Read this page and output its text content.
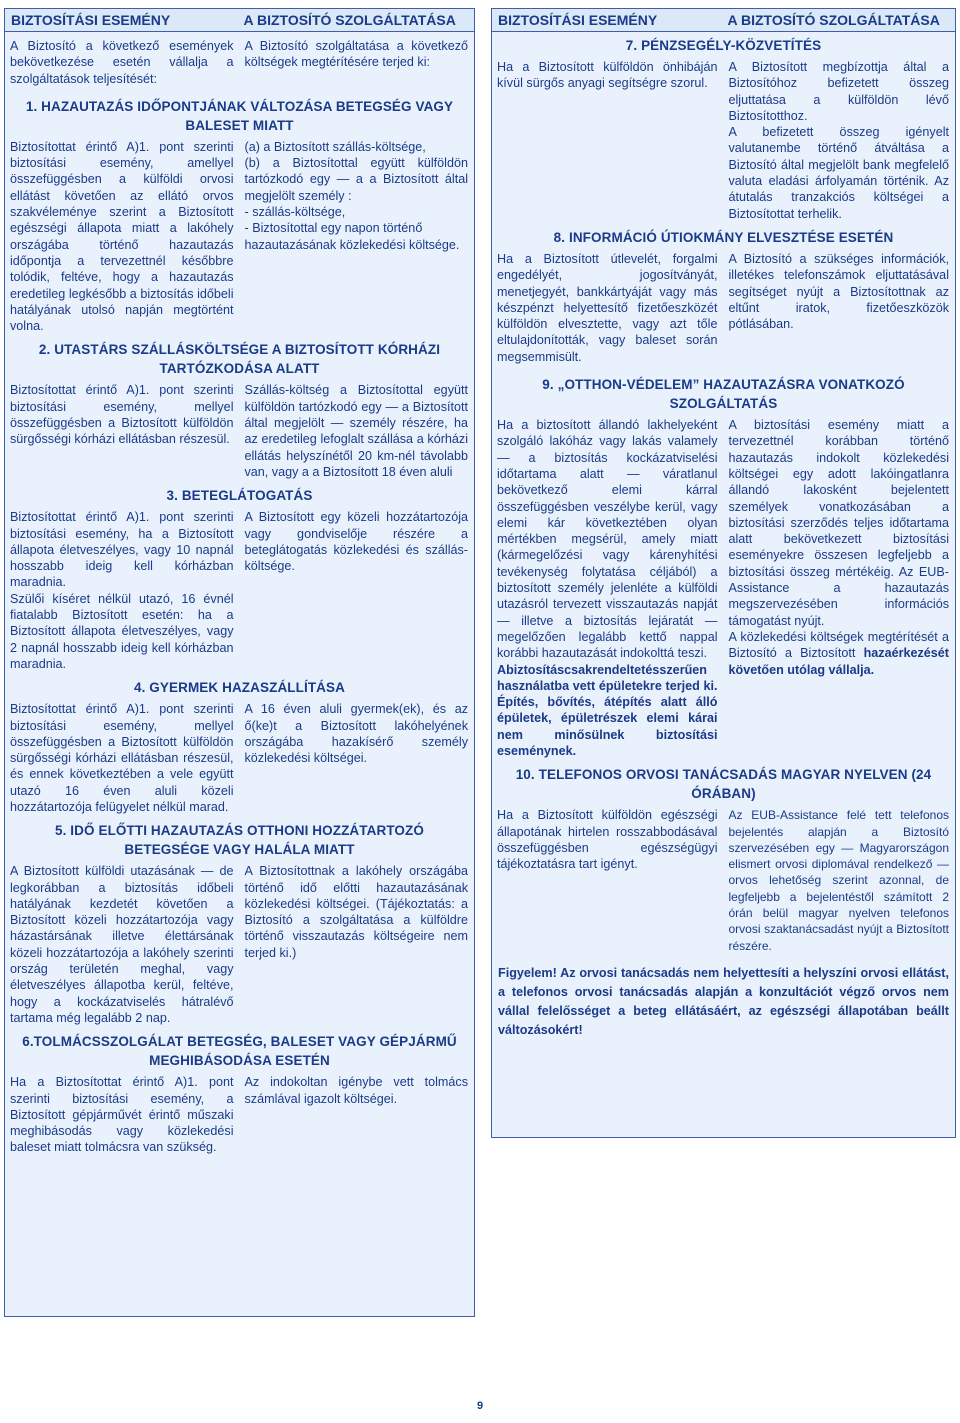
BIZTOSÍTÁSI ESEMÉNY	A BIZTOSÍTÓ SZOLGÁLTATÁSA
A Biztosító a következő események bekövetkezése esetén vállalja a szolgáltatások teljesítését:
A Biztosító szolgáltatása a következő költségek megtérítésére terjed ki:
1. HAZAUTAZÁS IDŐPONTJÁNAK VÁLTOZÁSA BETEGSÉG VAGY BALESET MIATT
Biztosítottat érintő A)1. pont szerinti biztosítási esemény, amellyel összefüggésben a külföldi orvosi ellátást követően az ellátó orvos szakvéleménye szerint a Biztosított egészségi állapota miatt a lakóhely országába történő hazautazás időpontja a tervezettnél későbbre tolódik, feltéve, hogy a hazautazás eredetileg legkésőbb a biztosítás időbeli hatályának utolsó napján megtörtént volna.

(a) a Biztosított szállás-költsége,

(b) a Biztosítottal együtt külföldön tartózkodó egy — a a Biztosított által megjelölt személy :

- szállás-költsége,

- Biztosítottal egy napon történő hazautazásának közlekedési költsége.

2. UTASTÁRS SZÁLLÁSKÖLTSÉGE A BIZTOSÍTOTT KÓRHÁZI TARTÓZKODÁSA ALATT
Biztosítottat érintő A)1. pont szerinti biztosítási esemény, mellyel összefüggésben a Biztosított külföldön sürgősségi kórházi ellátásban részesül.
Szállás-költség a Biztosítottal együtt külföldön tartózkodó egy — a Biztosított által megjelölt — személy részére, ha az eredetileg lefoglalt szállása a kórházi ellátás helyszínétől 20 km-nél távolabb van, vagy a a Biztosított 18 éven aluli
3. BETEGLÁTOGATÁS

Biztosítottat érintő A)1. pont szerinti biztosítási esemény, ha a Biztosított állapota életveszélyes, vagy 10 napnál hosszabb ideig kell kórházban maradnia.

Szülői kíséret nélkül utazó, 16 évnél fiatalabb Biztosított esetén: ha a Biztosított állapota életveszélyes, vagy 2 napnál hosszabb ideig kell kórházban maradnia.

A Biztosított egy közeli hozzátartozója vagy gondviselője részére a beteglátogatás közlekedési és szállás-költsége.
4. GYERMEK HAZASZÁLLÍTÁSA
Biztosítottat érintő A)1. pont szerinti biztosítási esemény, mellyel összefüggésben a Biztosított külföldön sürgősségi kórházi ellátásban részesül, és ennek következtében a vele együtt utazó 16 éven aluli közeli hozzátartozója felügyelet nélkül marad.
A 16 éven aluli gyermek(ek), és az ő(ke)t a Biztosított lakóhelyének országába hazakísérő személy közlekedési költségei.
5. IDŐ ELŐTTI HAZAUTAZÁS OTTHONI HOZZÁTARTOZÓ BETEGSÉGE VAGY HALÁLA MIATT
A Biztosított külföldi utazásának — de legkorábban a biztosítás időbeli hatályának kezdetét követően a Biztosított közeli hozzátartozója vagy házastársának illetve élettársának közeli hozzátartozója a lakóhely szerinti ország területén meghal, vagy életveszélyes állapotba kerül, feltéve, hogy a kockázatviselés hátralévő tartama még legalább 2 nap.
A Biztosítottnak a lakóhely országába történő idő előtti hazautazásának közlekedési költségei. (Tájékoztatás: a Biztosító a szolgáltatása a külföldre történő visszautazás költségeire nem terjed ki.)
6.TOLMÁCSSZOLGÁLAT BETEGSÉG, BALESET VAGY GÉPJÁRMŰ MEGHIBÁSODÁSA ESETÉN
Ha a Biztosítottat érintő A)1. pont szerinti biztosítási esemény, a Biztosított gépjárművét érintő műszaki meghibásodás vagy közlekedési baleset miatt tolmácsra van szükség.
Az indokoltan igénybe vett tolmács számlával igazolt költségei.
BIZTOSÍTÁSI ESEMÉNY	A BIZTOSÍTÓ SZOLGÁLTATÁSA
7. PÉNZSEGÉLY-KÖZVETÍTÉS
Ha a Biztosított külföldön önhibáján kívül sürgős anyagi segítségre szorul.

A Biztosított megbízottja által a Biztosítóhoz befizetett összeg eljuttatása a külföldön lévő Biztosítotthoz.

A befizetett összeg igényelt valutanembe történő átváltása a Biztosító által megjelölt bank megfelelő valuta eladási árfolyamán történik. Az átutalás tranzakciós költségei a Biztosítottat terhelik.

8. INFORMÁCIÓ ÚTIOKMÁNY ELVESZTÉSE ESETÉN
Ha a Biztosított útlevelét, forgalmi engedélyét, jogosítványát, menetjegyét, bankkártyáját vagy más készpénzt helyettesítő fizetőeszközét külföldön elvesztette, vagy azt tőle eltulajdonították, vagy baleset során megsemmisült.
A Biztosító a szükséges információk, illetékes telefonszámok eljuttatásával segítséget nyújt a Biztosítottnak az eltűnt iratok, fizetőeszközök pótlásában.
9. „OTTHON-VÉDELEM” HAZAUTAZÁSRA VONATKOZÓ SZOLGÁLTATÁS

Ha a biztosított állandó lakhelyeként szolgáló lakóház vagy lakás valamely — a biztosítás kockázatviselési időtartama alatt — váratlanul bekövetkező elemi kárral összefüggésben veszélybe kerül, vagy elemi kár következtében olyan mértékben megsérül, amely miatt (kármegelőzési vagy kárenyhítési tevékenység folytatása céljából) a biztosított személy jelenléte a külföldi utazásról tervezett visszautazás napját — illetve a biztosítás lejáratát — megelőzően legalább kettő nappal korábbi hazautazását indokolttá teszi.

Abiztosításcsakrendeltetésszerűen használatba vett épületekre terjed ki. Építés, bővítés, átépítés alatt álló épületek, épületrészek elemi kárai nem minősülnek biztosítási eseménynek.

A biztosítási esemény miatt a tervezettnél korábban történő hazautazás indokolt közlekedési költségei egy adott lakóingatlanra állandó lakosként bejelentett személyek vonatkozásában a biztosítási szerződés teljes időtartama alatt bekövetkezett biztosítási eseményekre összesen legfeljebb a biztosítási összeg mértékéig. Az EUB-Assistance a hazautazás megszervezésében információs támogatást nyújt.

A közlekedési költségek megtérítését a Biztosító a Biztosított hazaérkezését követően utólag vállalja.

10. TELEFONOS ORVOSI TANÁCSADÁS MAGYAR NYELVEN (24 ÓRÁBAN)
Ha a Biztosított külföldön egészségi állapotának hirtelen rosszabbodásával összefüggésben egészségügyi tájékoztatásra tart igényt.
Az EUB-Assistance felé tett telefonos bejelentés alapján a Biztosító szervezésében egy — Magyarországon elismert orvosi diplomával rendelkező — orvos lehetőség szerint azonnal, de legfeljebb a bejelentéstől számított 2 órán belül magyar nyelven telefonos orvosi szaktanácsadást nyújt a Biztosított részére.
Figyelem! Az orvosi tanácsadás nem helyettesíti a helyszíni orvosi ellátást, a telefonos orvosi tanácsadás alapján a konzultációt végző orvos nem vállal felelősséget a beteg ellátásáért, az egészségi állapotában beállt változásokért!
9
